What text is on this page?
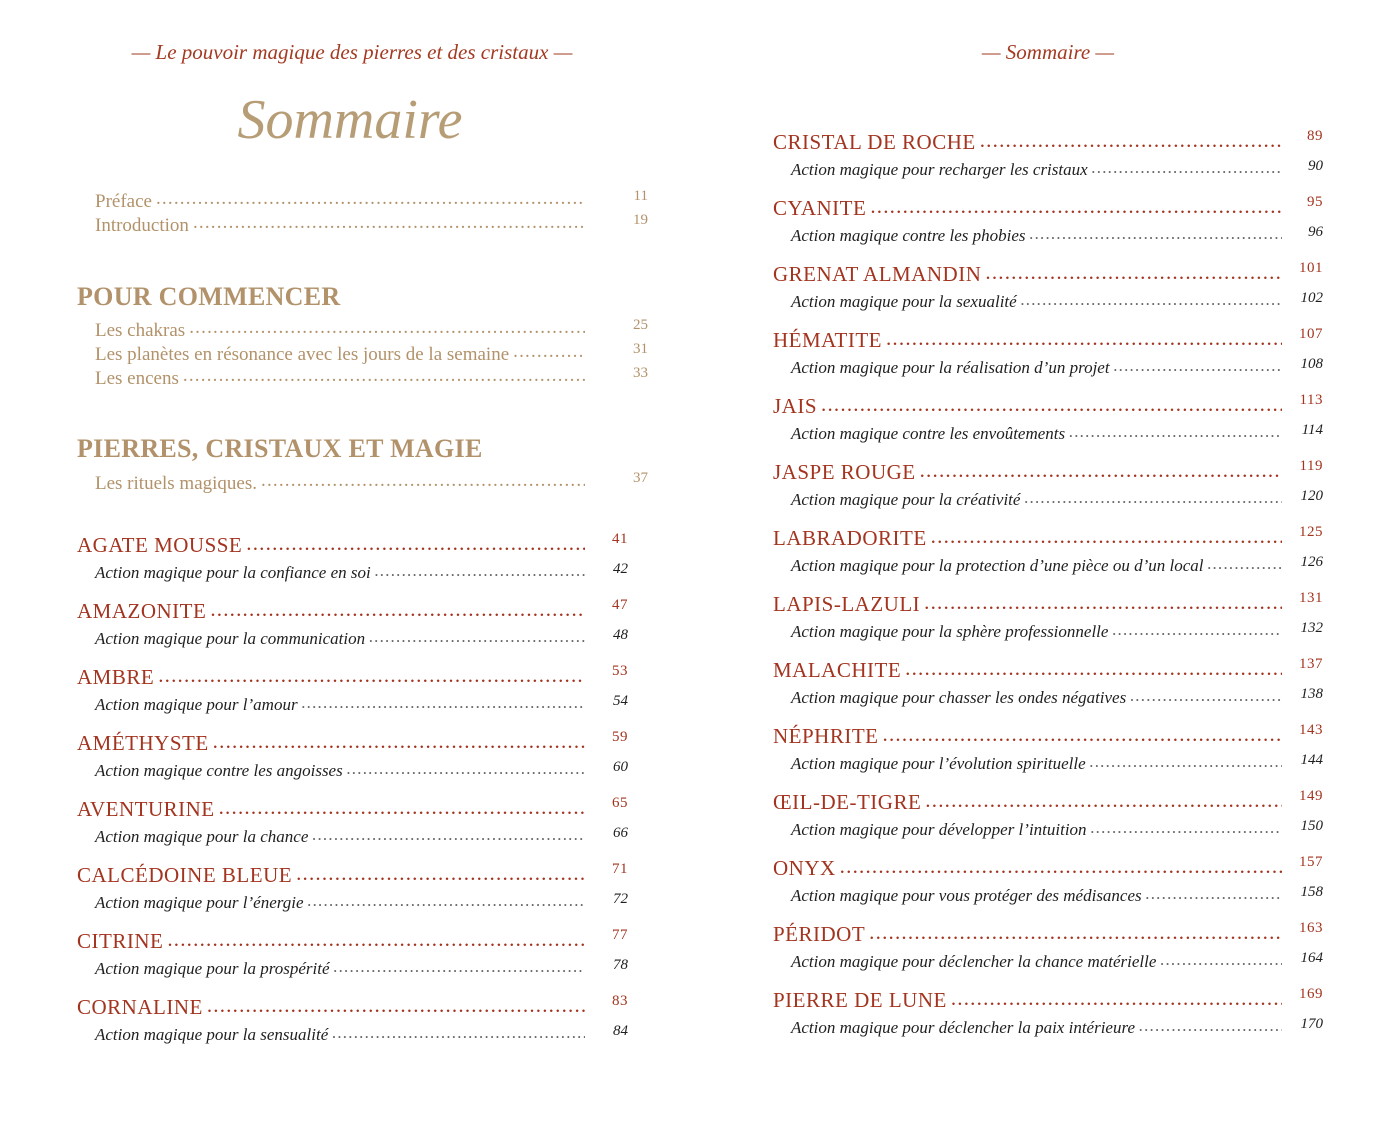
— Le pouvoir magique des pierres et des cristaux —
Sommaire
Préface .....	11
Introduction .....	19
POUR COMMENCER
Les chakras .....	25
Les planètes en résonance avec les jours de la semaine .....	31
Les encens .....	33
PIERRES, CRISTAUX ET MAGIE
Les rituels magiques. .....	37
AGATE MOUSSE .....	41
Action magique pour la confiance en soi .....	42
AMAZONITE .....	47
Action magique pour la communication .....	48
AMBRE .....	53
Action magique pour l’amour .....	54
AMÉTHYSTE .....	59
Action magique contre les angoisses .....	60
AVENTURINE .....	65
Action magique pour la chance .....	66
CALCÉDOINE BLEUE .....	71
Action magique pour l’énergie .....	72
CITRINE .....	77
Action magique pour la prospérité .....	78
CORNALINE .....	83
Action magique pour la sensualité .....	84
— Sommaire —
CRISTAL DE ROCHE .....	89
Action magique pour recharger les cristaux .....	90
CYANITE .....	95
Action magique contre les phobies .....	96
GRENAT ALMANDIN .....	101
Action magique pour la sexualité .....	102
HÉMATITE .....	107
Action magique pour la réalisation d’un projet .....	108
JAIS .....	113
Action magique contre les envoûtements .....	114
JASPE ROUGE .....	119
Action magique pour la créativité .....	120
LABRADORITE .....	125
Action magique pour la protection d’une pièce ou d’un local .....	126
LAPIS-LAZULI .....	131
Action magique pour la sphère professionnelle .....	132
MALACHITE .....	137
Action magique pour chasser les ondes négatives .....	138
NÉPHRITE .....	143
Action magique pour l’évolution spirituelle .....	144
ŒIL-DE-TIGRE .....	149
Action magique pour développer l’intuition .....	150
ONYX .....	157
Action magique pour vous protéger des médisances .....	158
PÉRIDOT .....	163
Action magique pour déclencher la chance matérielle .....	164
PIERRE DE LUNE .....	169
Action magique pour déclencher la paix intérieure .....	170
